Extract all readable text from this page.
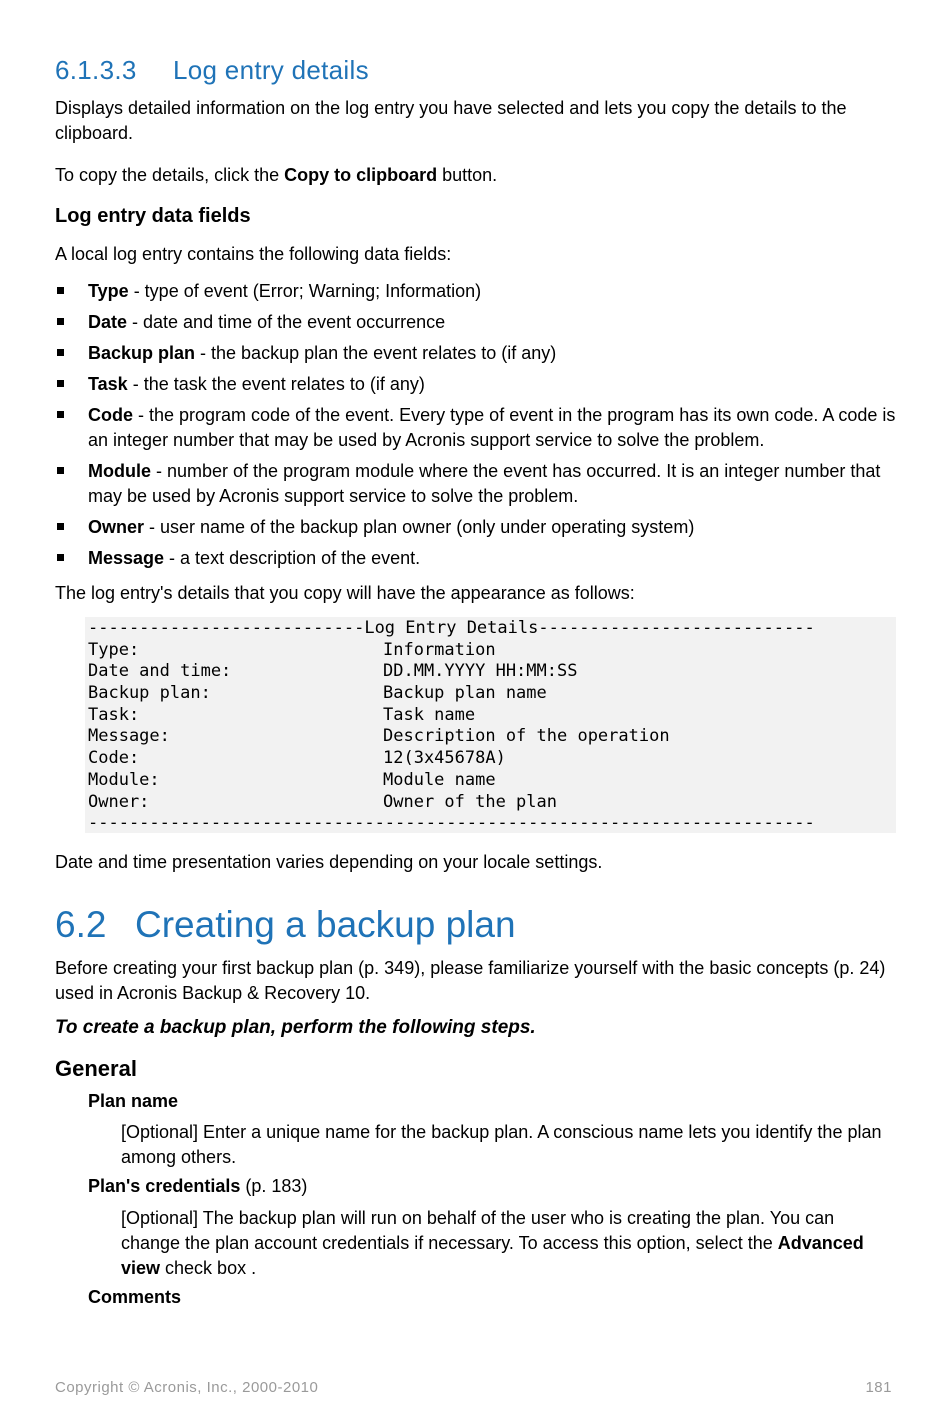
6.1.3.3 Log entry details
Displays detailed information on the log entry you have selected and lets you copy the details to the clipboard.
To copy the details, click the Copy to clipboard button.
Log entry data fields
A local log entry contains the following data fields:
Type - type of event (Error; Warning; Information)
Date - date and time of the event occurrence
Backup plan - the backup plan the event relates to (if any)
Task - the task the event relates to (if any)
Code - the program code of the event. Every type of event in the program has its own code. A code is an integer number that may be used by Acronis support service to solve the problem.
Module - number of the program module where the event has occurred. It is an integer number that may be used by Acronis support service to solve the problem.
Owner - user name of the backup plan owner (only under operating system)
Message - a text description of the event.
The log entry's details that you copy will have the appearance as follows:
---------------------------Log Entry Details---------------------------
Type:	Information
Date and time:	DD.MM.YYYY HH:MM:SS
Backup plan:	Backup plan name
Task:	Task name
Message:	Description of the operation
Code:	12(3x45678A)
Module:	Module name
Owner:	Owner of the plan
-----------------------------------------------------------------------
Date and time presentation varies depending on your locale settings.
6.2 Creating a backup plan
Before creating your first backup plan (p. 349), please familiarize yourself with the basic concepts (p. 24) used in Acronis Backup & Recovery 10.
To create a backup plan, perform the following steps.
General
Plan name
[Optional] Enter a unique name for the backup plan. A conscious name lets you identify the plan among others.
Plan's credentials (p. 183)
[Optional] The backup plan will run on behalf of the user who is creating the plan. You can change the plan account credentials if necessary. To access this option, select the Advanced view check box .
Comments
Copyright © Acronis, Inc., 2000-2010	181
